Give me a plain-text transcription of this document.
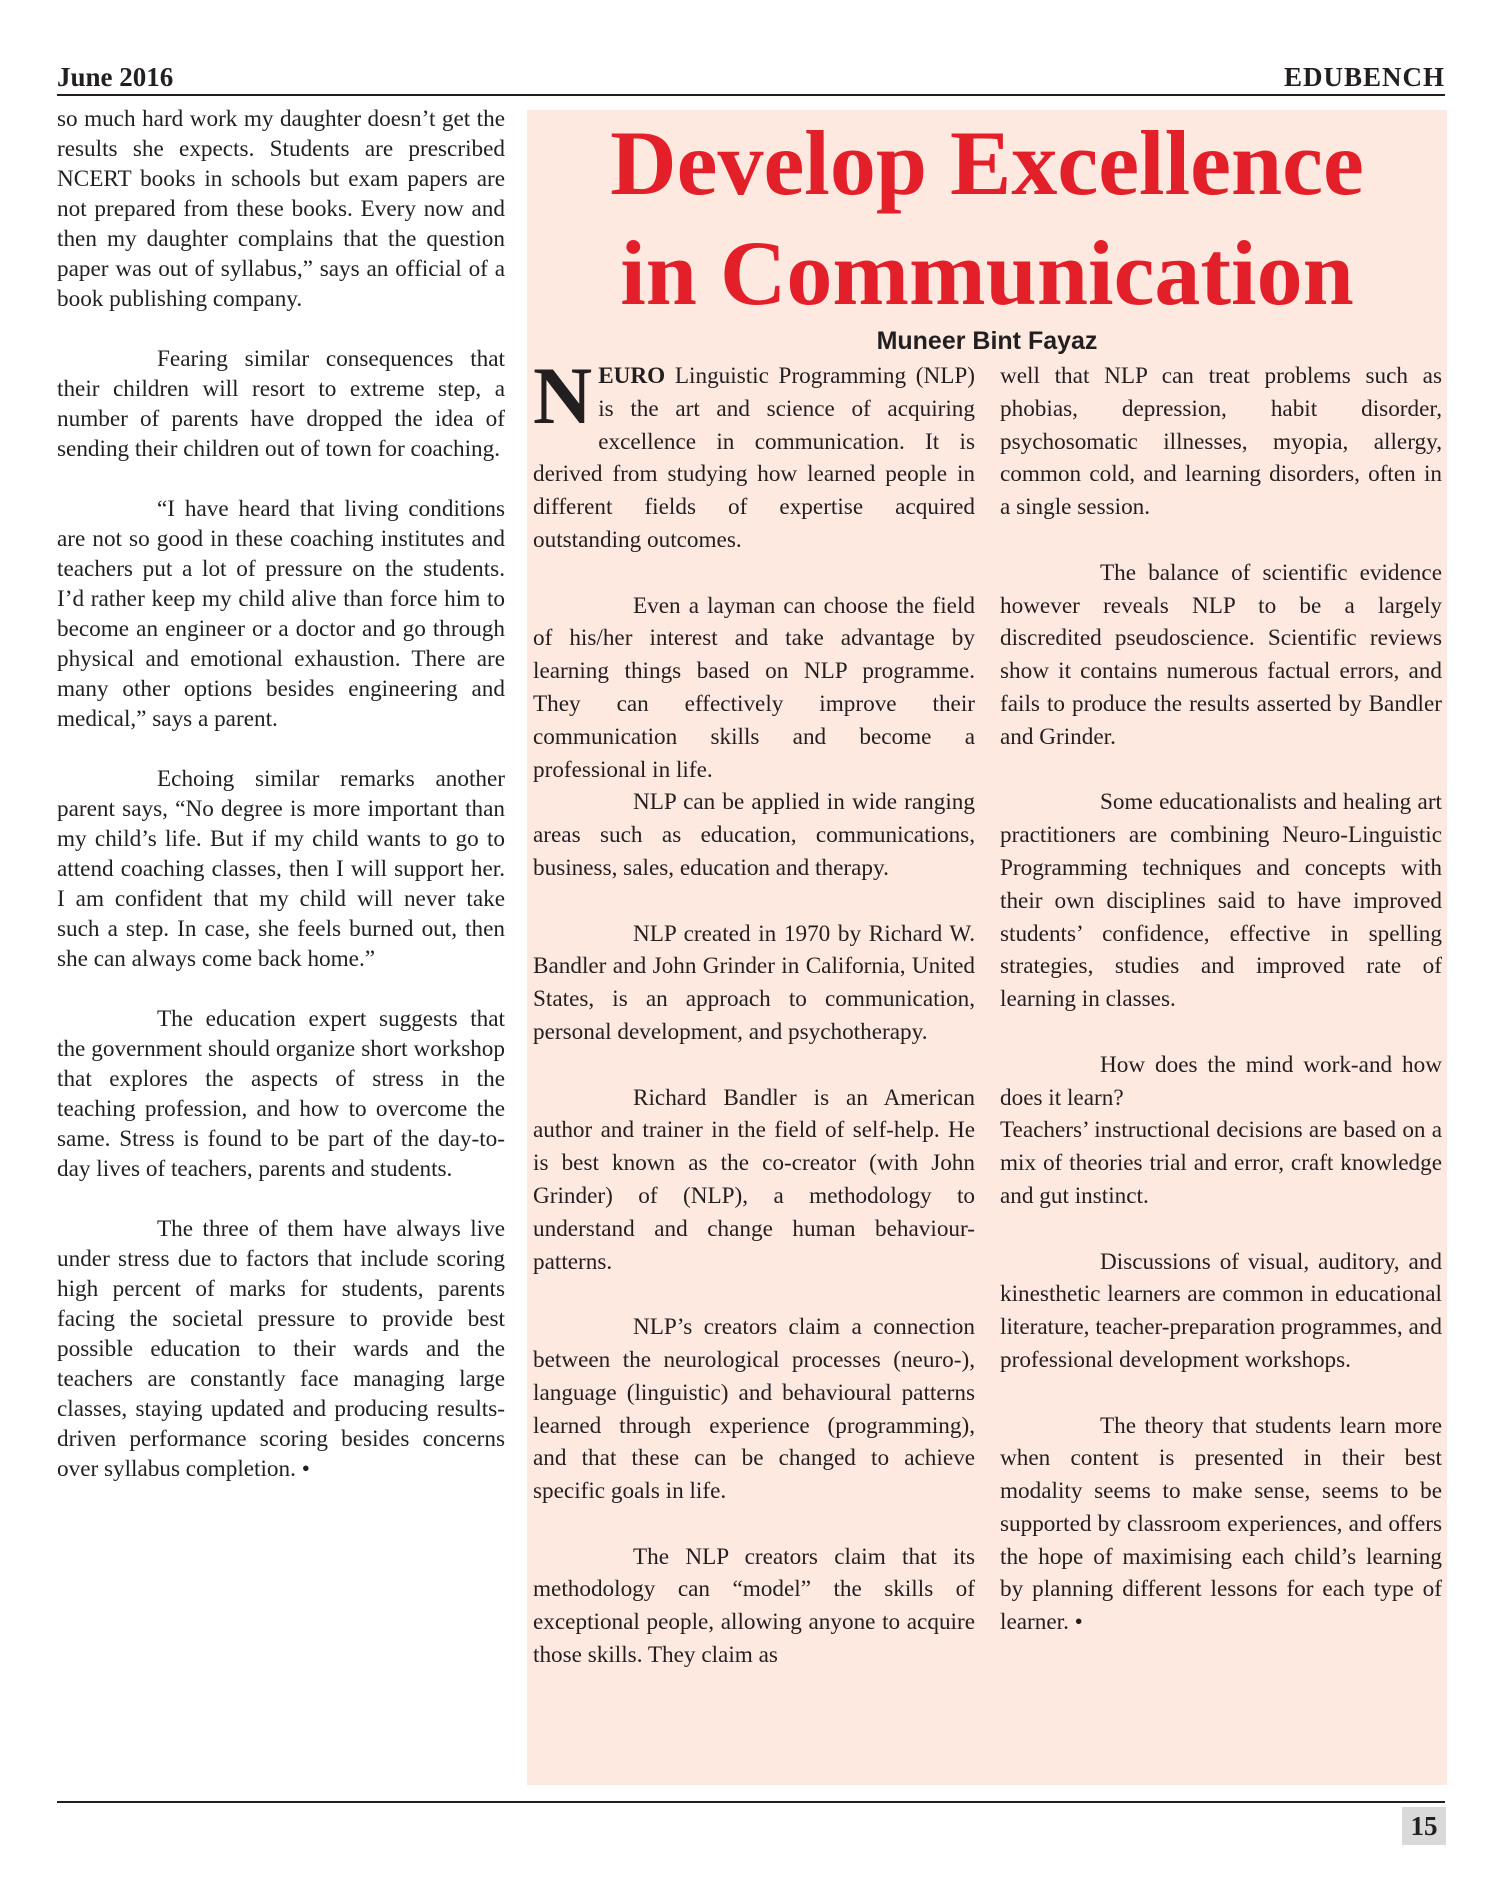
June 2016	EDUBENCH

so much hard work my daughter doesn’t get the results she expects. Students are prescribed NCERT books in schools but exam papers are not prepared from these books. Every now and then my daughter complains that the question paper was out of syllabus,” says an official of a book publishing company.

Fearing similar consequences that their children will resort to extreme step, a number of parents have dropped the idea of sending their children out of town for coaching.

“I have heard that living conditions are not so good in these coaching institutes and teachers put a lot of pressure on the students. I’d rather keep my child alive than force him to become an engineer or a doctor and go through physical and emotional exhaustion. There are many other options besides engineering and medical,” says a parent.

Echoing similar remarks another parent says, “No degree is more important than my child’s life. But if my child wants to go to attend coaching classes, then I will support her. I am confident that my child will never take such a step. In case, she feels burned out, then she can always come back home.”

The education expert suggests that the government should organize short workshop that explores the aspects of stress in the teaching profession, and how to overcome the same. Stress is found to be part of the day-to-day lives of teachers, parents and students.

The three of them have always live under stress due to factors that include scoring high percent of marks for students, parents facing the societal pressure to provide best possible education to their wards and the teachers are constantly face managing large classes, staying updated and producing results-driven performance scoring besides concerns over syllabus completion. •

Develop Excellence
in Communication
Muneer Bint Fayaz

NEURO Linguistic Programming (NLP) is the art and science of acquiring excellence in communication. It is derived from studying how learned people in different fields of expertise acquired outstanding outcomes.

Even a layman can choose the field of his/her interest and take advantage by learning things based on NLP programme. They can effectively improve their communication skills and become a professional in life.

NLP can be applied in wide ranging areas such as education, communications, business, sales, education and therapy.

NLP created in 1970 by Richard W. Bandler and John Grinder in California, United States, is an approach to communication, personal development, and psychotherapy.

Richard Bandler is an American author and trainer in the field of self-help. He is best known as the co-creator (with John Grinder) of (NLP), a methodology to understand and change human behaviour-patterns.

NLP’s creators claim a connection between the neurological processes (neuro-), language (linguistic) and behavioural patterns learned through experience (programming), and that these can be changed to achieve specific goals in life.

The NLP creators claim that its methodology can “model” the skills of exceptional people, allowing anyone to acquire those skills. They claim as

well that NLP can treat problems such as phobias, depression, habit disorder, psychosomatic illnesses, myopia, allergy, common cold, and learning disorders, often in a single session.

The balance of scientific evidence however reveals NLP to be a largely discredited pseudoscience. Scientific reviews show it contains numerous factual errors, and fails to produce the results asserted by Bandler and Grinder.

Some educationalists and healing art practitioners are combining Neuro-Linguistic Programming techniques and concepts with their own disciplines said to have improved students’ confidence, effective in spelling strategies, studies and improved rate of learning in classes.

How does the mind work-and how does it learn?

Teachers’ instructional decisions are based on a mix of theories trial and error, craft knowledge and gut instinct.

Discussions of visual, auditory, and kinesthetic learners are common in educational literature, teacher-preparation programmes, and professional development workshops.

The theory that students learn more when content is presented in their best modality seems to make sense, seems to be supported by classroom experiences, and offers the hope of maximising each child’s learning by planning different lessons for each type of learner. •

15
